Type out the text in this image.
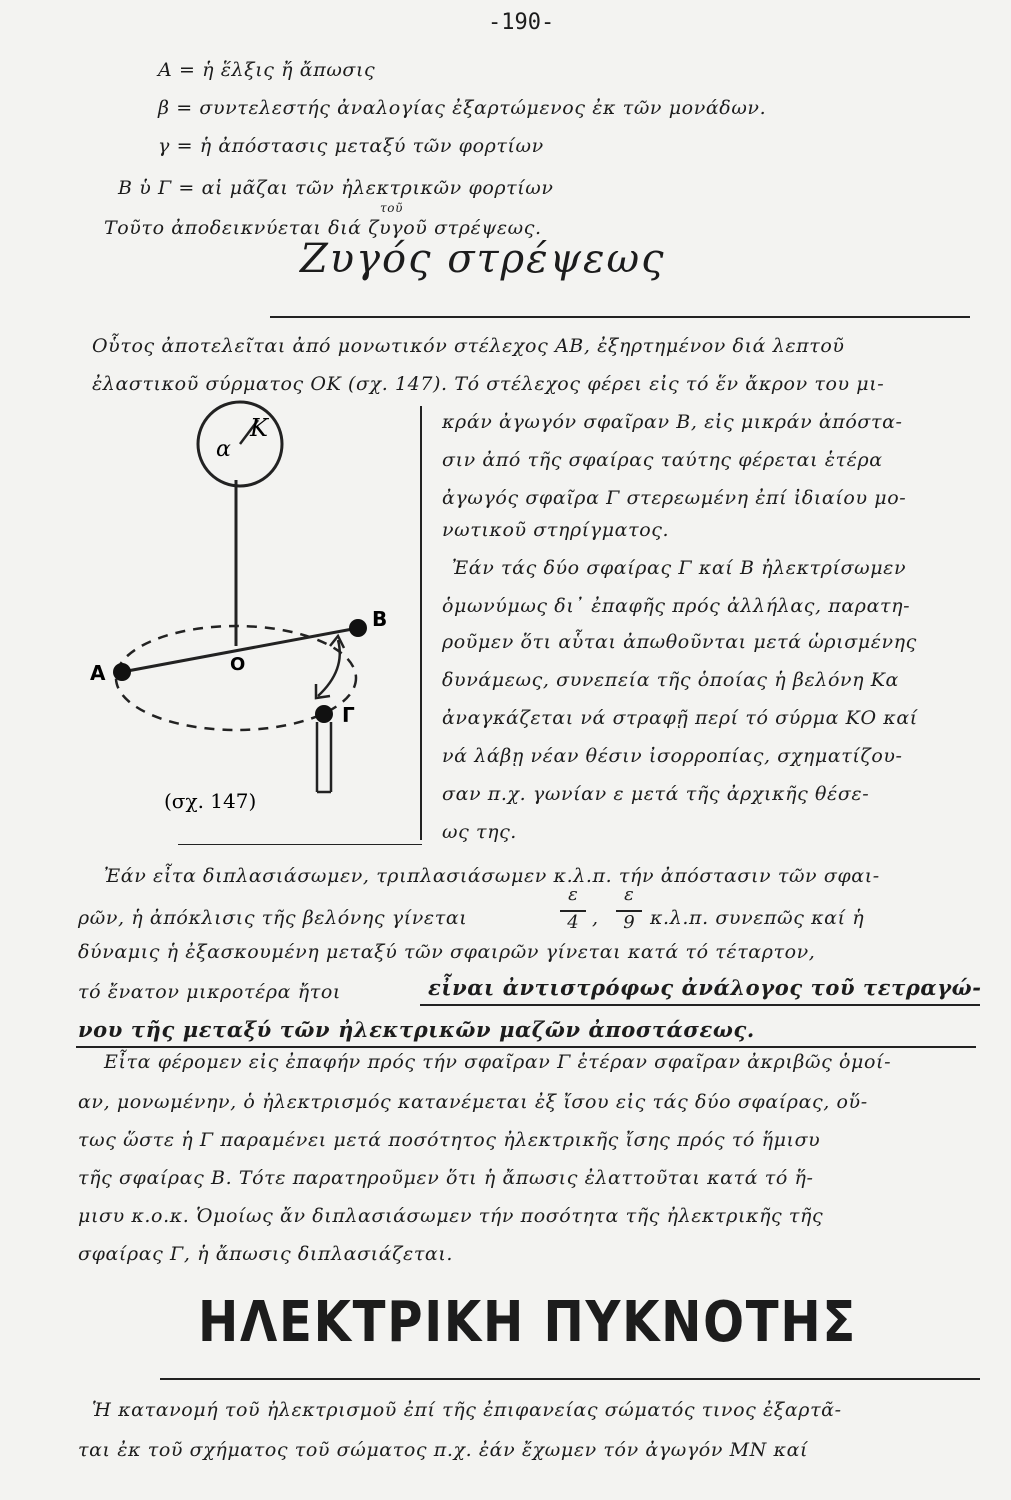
-190-
A = ἡ ἕλξις ἤ ἄπωσις
β = συντελεστής ἀναλογίας ἐξαρτώμενος ἐκ τῶν μονάδων.
γ = ἡ ἀπόστασις μεταξύ τῶν φορτίων
Β ὑ Γ = αἱ μᾶζαι τῶν ἠλεκτρικῶν φορτίων
Τοῦτο ἀποδεικνύεται διά ζυγοῦ στρέψεως.
τοῦ
Ζυγός στρέψεως
Οὗτος ἀποτελεῖται ἀπό μονωτικόν στέλεχος ΑΒ, ἐξηρτημένον διά λεπτοῦ
ἐλαστικοῦ σύρματος ΟΚ (σχ. 147). Τό στέλεχος φέρει εἰς τό ἕν ἄκρον του μι-
K
α
A
B
O
Γ
(σχ. 147)
κράν ἀγωγόν σφαῖραν Β, εἰς μικράν ἀπόστα-
σιν ἀπό τῆς σφαίρας ταύτης φέρεται ἑτέρα
ἀγωγός σφαῖρα Γ στερεωμένη ἐπί ἰδιαίου μο-
νωτικοῦ στηρίγματος.
Ἐάν τάς δύο σφαίρας Γ καί Β ἠλεκτρίσωμεν
ὁμωνύμως δι᾽ ἐπαφῆς πρός ἀλλήλας, παρατη-
ροῦμεν ὅτι αὗται ἀπωθοῦνται μετά ὡρισμένης
δυνάμεως, συνεπεία τῆς ὁποίας ἡ βελόνη Κα
ἀναγκάζεται νά στραφῇ περί τό σύρμα ΚΟ καί
νά λάβῃ νέαν θέσιν ἰσορροπίας, σχηματίζου-
σαν π.χ. γωνίαν ε μετά τῆς ἀρχικῆς θέσε-
ως της.
Ἐάν εἶτα διπλασιάσωμεν, τριπλασιάσωμεν κ.λ.π. τήν ἀπόστασιν τῶν σφαι-
ρῶν, ἡ ἀπόκλισις τῆς βελόνης γίνεται
ε
4 ,
ε
9 κ.λ.π. συνεπῶς καί ἡ
δύναμις ἡ ἐξασκουμένη μεταξύ τῶν σφαιρῶν γίνεται κατά τό τέταρτον,
τό ἔνατον μικροτέρα ἤτοι	εἶναι ἀντιστρόφως ἀνάλογος τοῦ τετραγώ-
νου τῆς μεταξύ τῶν ἠλεκτρικῶν μαζῶν ἀποστάσεως.
Εἶτα φέρομεν εἰς ἐπαφήν πρός τήν σφαῖραν Γ ἑτέραν σφαῖραν ἀκριβῶς ὁμοί-
αν, μονωμένην, ὁ ἠλεκτρισμός κατανέμεται ἐξ ἴσου εἰς τάς δύο σφαίρας, οὕ-
τως ὥστε ἡ Γ παραμένει μετά ποσότητος ἠλεκτρικῆς ἴσης πρός τό ἥμισυ
τῆς σφαίρας Β. Τότε παρατηροῦμεν ὅτι ἡ ἄπωσις ἐλαττοῦται κατά τό ἥ-
μισυ κ.ο.κ. Ὁμοίως ἄν διπλασιάσωμεν τήν ποσότητα τῆς ἠλεκτρικῆς τῆς
σφαίρας Γ, ἡ ἄπωσις διπλασιάζεται.
ΗΛΕΚΤΡΙΚΗ ΠΥΚΝΟΤΗΣ
Ἡ κατανομή τοῦ ἠλεκτρισμοῦ ἐπί τῆς ἐπιφανείας σώματός τινος ἐξαρτᾶ-
ται ἐκ τοῦ σχήματος τοῦ σώματος π.χ. ἐάν ἔχωμεν τόν ἀγωγόν ΜΝ καί
